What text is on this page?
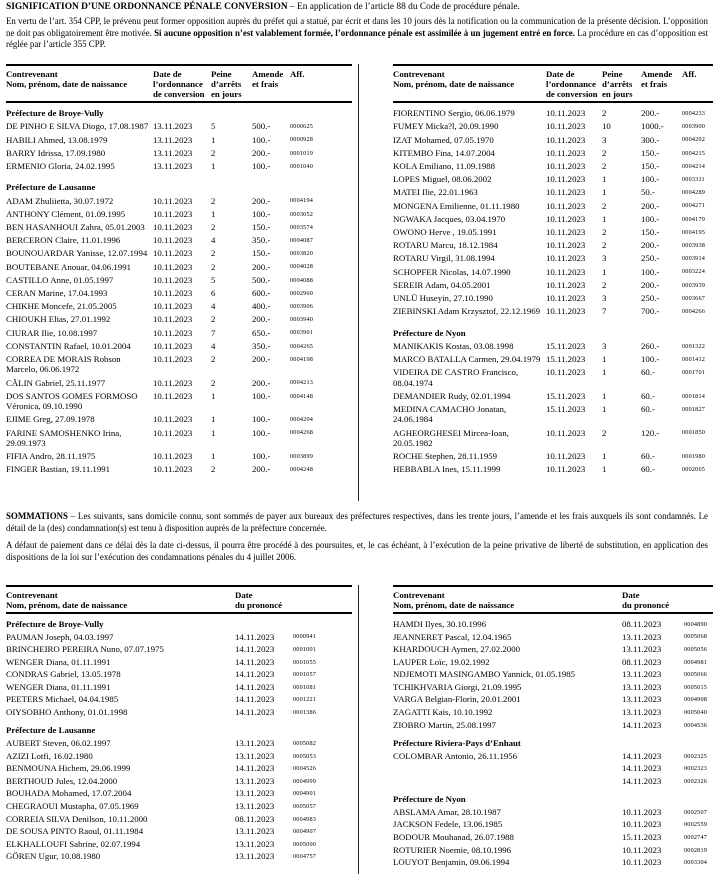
SIGNIFICATION D’UNE ORDONNANCE PÉNALE CONVERSION – En application de l’article 88 du Code de procédure pénale.
En vertu de l’art. 354 CPP, le prévenu peut former opposition auprès du préfet qui a statué, par écrit et dans les 10 jours dès la notification ou la communication de la présente décision. L’opposition ne doit pas obligatoirement être motivée. Si aucune opposition n’est valablement formée, l’ordonnance pénale est assimilée à un jugement entré en force. La procédure en cas d’opposition est réglée par l’article 355 CPP.
Contrevenant
Nom, prénom, date de naissance
Date de
l’ordonnance
de conversion
Peine
d’arrêts
en jours
Amende
et frais
Aff.
Préfecture de Broye-Vully
DE PINHO E SILVA Diogo, 17.08.1987 13.11.2023	5	500.-	0000625
HABILI Ahmed, 13.08.1979	13.11.2023	1	100.-	0000928
BARRY Idrissa, 17.09.1980	13.11.2023	2	200.-	0001019
ERMENIO Gloria, 24.02.1995	13.11.2023	1	100.-	0001040
Préfecture de Lausanne
ADAM Zhuliietta, 30.07.1972	10.11.2023	2	200.-	0004194
ANTHONY Clément, 01.09.1995	10.11.2023	1	100.-	0003052
BEN HASANHOUI Zahra, 05.01.2003 10.11.2023	2	150.-	0003574
BERCERON Claire, 11.01.1996	10.11.2023	4	350.-	0004087
BOUNOUARDAR Yanisse, 12.07.1994 10.11.2023	2	150.-	0003820
BOUTEBANE Anouar, 04.06.1991	10.11.2023	2	200.-	0004028
CASTILLO Anne, 01.05.1997	10.11.2023	5	500.-	0004088
CERAN Marine, 17.04.1993	10.11.2023	6	600.-	0002960
CHIKHE Moncefe, 21.05.2005	10.11.2023	4	400.-	0003906
CHIOUKH Elias, 27.01.1992	10.11.2023	2	200.-	0003940
CIURAR Ilie, 10.08.1997	10.11.2023	7	650.-	0003901
CONSTANTIN Rafael, 10.01.2004	10.11.2023	4	350.-	0004265
CORREA DE MORAIS Robson Marcelo, 06.06.1972
10.11.2023	2	200.-	0004198
CĂLIN Gabriel, 25.11.1977	10.11.2023	2	200.-	0004213
DOS SANTOS GOMES FORMOSO Véronica, 09.10.1990
10.11.2023	1	100.-	0004148
EJIME Greg, 27.09.1978	10.11.2023	1	100.-	0004204
FARINE SAMOSHENKO Irina, 29.09.1973
10.11.2023	1	100.-	0004268
FIFIA Andro, 28.11.1975	10.11.2023	1	100.-	0003899
FINGER Bastian, 19.11.1991	10.11.2023	2	200.-	0004248
Contrevenant
Nom, prénom, date de naissance
Date de
l’ordonnance
de conversion
Peine
d’arrêts
en jours
Amende
et frais
Aff.
FIORENTINO Sergio, 06.06.1979	10.11.2023	2	200.-	0004233
FUMEY Micka?l, 20.09.1990	10.11.2023	10	1000.-	0003900
IZAT Mohamed, 07.05.1970	10.11.2023	3	300.-	0004202
KITEMBO Fina, 14.07.2004	10.11.2023	2	150.-	0004215
KOLA Emiliano, 11.09.1988	10.11.2023	2	150.-	0004214
LOPES Miguel, 08.06.2002	10.11.2023	1	100.-	0003311
MATEI Ilie, 22.01.1963	10.11.2023	1	50.-	0004289
MONGENA Emilienne, 01.11.1980	10.11.2023	2	200.-	0004271
NGWAKA Jacques, 03.04.1970	10.11.2023	1	100.-	0004179
OWONO Herve , 19.05.1991	10.11.2023	2	150.-	0004195
ROTARU Marcu, 18.12.1984	10.11.2023	2	200.-	0003938
ROTARU Virgil, 31.08.1994	10.11.2023	3	250.-	0003914
SCHOPFER Nicolas, 14.07.1990	10.11.2023	1	100.-	0003224
SEREIR Adam, 04.05.2001	10.11.2023	2	200.-	0003939
UNLÜ Huseyin, 27.10.1990	10.11.2023	3	250.-	0003667
ZIEBINSKI Adam Krzysztof, 22.12.1969 10.11.2023	7	700.-	0004266
Préfecture de Nyon
MANIKAKIS Kostas, 03.08.1998	15.11.2023	3	260.-	0001322
MARCO BATALLA Carmen, 29.04.1979 15.11.2023	1	100.-	0001412
VIDEIRA DE CASTRO Francisco, 08.04.1974
10.11.2023	1	60.-	0001701
DEMANDIER Rudy, 02.01.1994	15.11.2023	1	60.-	0001814
MEDINA CAMACHO Jonatan, 24.06.1984
15.11.2023	1	60.-	0001827
AGHEORGHESEI Mircea-Ioan, 20.05.1982
10.11.2023	2	120.-	0001850
ROCHE Stephen, 28.11.1959	10.11.2023	1	60.-	0001980
HEBBABLA Ines, 15.11.1999	10.11.2023	1	60.-	0002065
SOMMATIONS – Les suivants, sans domicile connu, sont sommés de payer aux bureaux des préfectures respectives, dans les trente jours, l’amende et les frais auxquels ils sont condamnés. Le détail de la (des) condamnation(s) est tenu à disposition auprès de la préfecture concernée.
A défaut de paiement dans ce délai dès la date ci-dessus, il pourra être procédé à des poursuites, et, le cas échéant, à l’exécution de la peine privative de liberté de substitution, en application des dispositions de la loi sur l’exécution des condamnations pénales du 4 juillet 2006.
Contrevenant
Nom, prénom, date de naissance
Date
du prononcé
Préfecture de Broye-Vully
PAUMAN Joseph, 04.03.1997	14.11.2023	0000941
BRINCHEIRO PEREIRA Nuno, 07.07.1975	14.11.2023	0001001
WENGER Diana, 01.11.1991	14.11.2023	0001055
CONDRAS Gabriel, 13.05.1978	14.11.2023	0001057
WENGER Diana, 01.11.1991	14.11.2023	0001081
PEETERS Michael, 04.04.1985	14.11.2023	0001221
OIYSOBHO Anthony, 01.01.1998	14.11.2023	0001386
Préfecture de Lausanne
AUBERT Steven, 06.02.1997	13.11.2023	0005082
AZIZI Lotfi, 16.02.1980	13.11.2023	0005053
BENMOUNA Hichem, 29.06.1999	14.11.2023	0004526
BERTHOUD Jules, 12.04.2000	13.11.2023	0004999
BOUHADA Mohamed, 17.07.2004	13.11.2023	0004901
CHEGRAOUI Mustapha, 07.05.1969	13.11.2023	0005057
CORREIA SILVA Denilson, 10.11.2000	08.11.2023	0004983
DE SOUSA PINTO Raoul, 01.11.1984	13.11.2023	0004907
ELKHALLOUFI Sabrine, 02.07.1994	13.11.2023	0005000
GÖREN Ugur, 10.08.1980	13.11.2023	0004757
Contrevenant
Nom, prénom, date de naissance
Date
du prononcé
HAMDI Ilyes, 30.10.1996	08.11.2023	0004890
JEANNERET Pascal, 12.04.1965	13.11.2023	0005068
KHARDOUCH Aymen, 27.02.2000	13.11.2023	0005056
LAUPER Loïc, 19.02.1992	08.11.2023	0004981
NDJEMOTI MASINGAMBO Yannick, 01.05.1985	13.11.2023	0005066
TCHIKHVARIA Giorgi, 21.09.1995	13.11.2023	0005015
VARGA Belgian-Florin, 20.01.2001	13.11.2023	0004908
ZAGATTI Kais, 10.10.1992	13.11.2023	0005040
ZIOBRO Martin, 25.08.1997	14.11.2023	0004536
Préfecture Riviera-Pays d’Enhaut
COLOMBAR Antonio, 26.11.1956	14.11.2023	0002325
14.11.2023	0002323
14.11.2023	0002326
Préfecture de Nyon
ABSLAMA Amar, 28.10.1987	10.11.2023	0002507
JACKSON Fedele, 13.06.1985	10.11.2023	0002559
BODOUR Mouhanad, 26.07.1988	15.11.2023	0002747
ROTURIER Noemie, 08.10.1996	10.11.2023	0002819
LOUYOT Benjamin, 09.06.1994	10.11.2023	0003304
